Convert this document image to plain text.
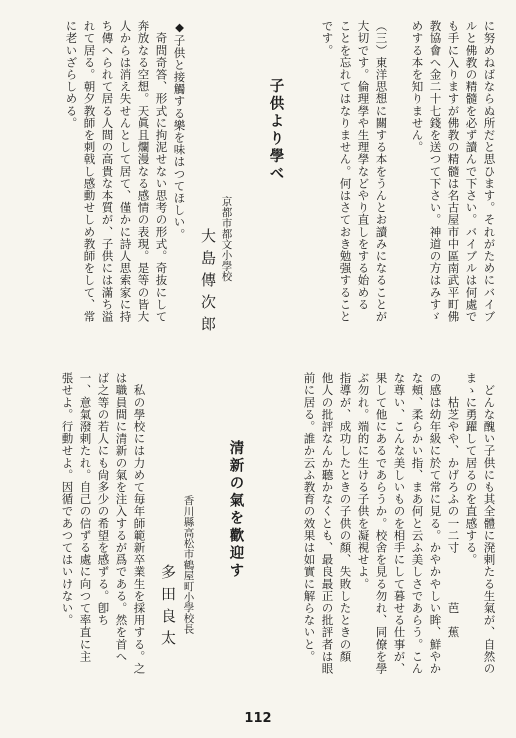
に努めねばならぬ所だと思ひます。それがためにバイブ
ルと佛教の精髓を必ず讀んで下さい。バイブルは何處で
も手に入りますが佛教の精髓は名古屋市中區南武平町佛
教協會へ金二十七錢を送つて下さい。神道の方はみすゞ
めする本を知りません。
（三）東洋思想に關する本をうんとお讀みになることが
大切です。倫理學や生理學などやり直しをする始める
ことを忘れてはなりません。何はさておき勉强すること
です。
子供より學べ
京都市都文小學校
大島傳次郎
◆子供と接觸する樂を味はつてほしい。
　奇問奇答、形式に拘泥せない思考の形式。奇抜にして
奔放なる空想。天眞且爛漫なる感情の表現。是等の皆大
人からは消え失せんとして居て、僅かに詩人思索家に持
ち傳へられて居る人間の高貴な本質が、子供には滿ち溢
れて居る。朝夕教師を刺戟し感動せしめ教師をして、常
に老いざらしめる。
　どんな醜い子供にも其全體に溌剌たる生氣が、自然の
まゝに勇躍して居るのを直感する。
　　枯芝やや、かげろふの一二寸　　　　芭　蕉
の感は幼年級に於て常に見る。かやかやしい眸、鮮やか
な頰、柔らかい指、まあ何と云ふ美しさであらう。こん
な尊い、こんな美しいものを相手にして暮せる仕事が、
果して他にあるであらうか。校舍を見る勿れ、同僚を學
ぶ勿れ。端的に生ける子供を凝視せよ。
指導が、成功したときの子供の顏、失敗したときの顏
他人の批評なんか聽かなくとも、最良最正の批評者は眼
前に居る。誰か云ふ教育の效果は如實に解らないと。
清新の氣を歡迎す
香川縣高松市鶴屋町小學校長
多田良太
　私の學校には力めて毎年師範新卒業生を採用する。之
は職員間に清新の氣を注入するが爲である。然を首へ
ば之等の若人にも尙多少の希望を感ずる。卽ち
一、意氣潑剌たれ。自己の信ずる處に向つて率直に主
張せよ。行動せよ。因循であつてはいけない。
112
